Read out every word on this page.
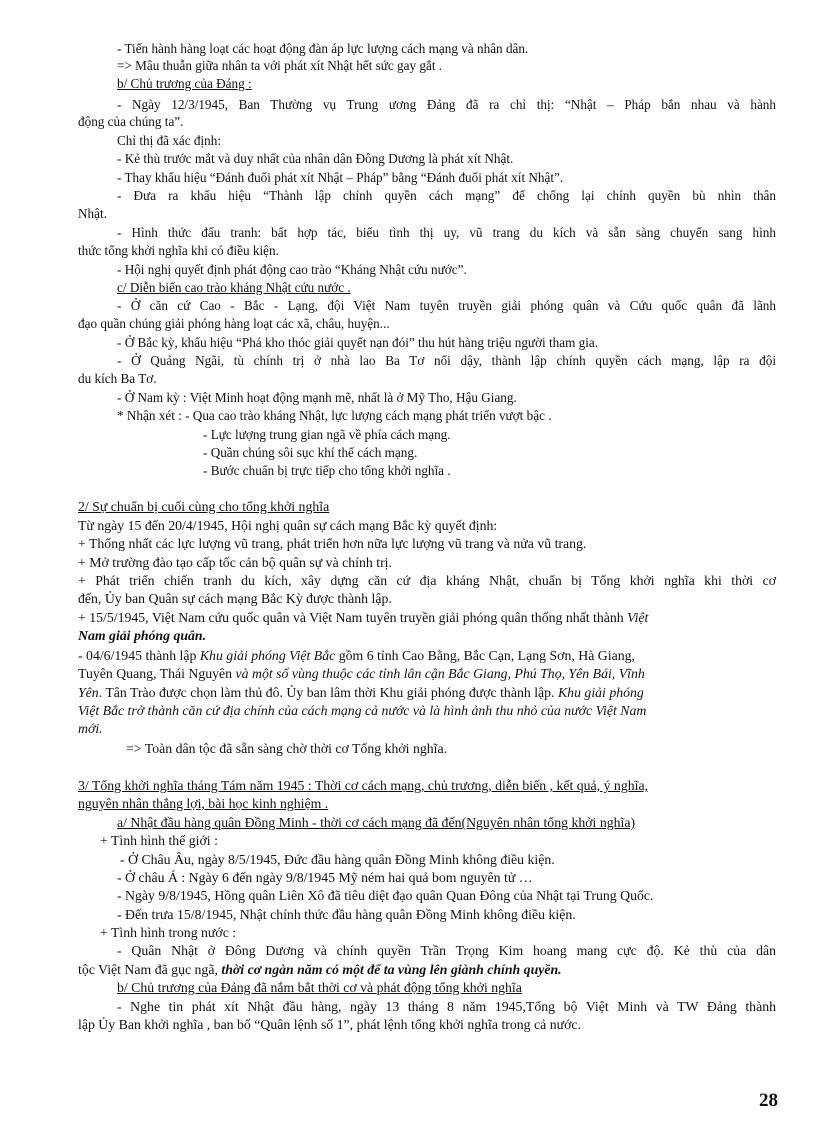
- Tiến hành hàng loạt các hoạt động đàn áp lực lượng cách mạng và nhân dân.
=> Mâu thuẫn giữa nhân ta với phát xít Nhật hết sức gay gắt .
b/ Chủ trương của Đảng :
- Ngày 12/3/1945, Ban Thường vụ Trung ương Đảng đã ra chỉ thị: “Nhật – Pháp bắn nhau và hành
động của chúng ta”.
Chỉ thị đã xác định:
- Kẻ thù trước mắt và duy nhất của nhân dân Đông Dương là phát xít Nhật.
- Thay khẩu hiệu “Đánh đuổi phát xít Nhật – Pháp” bằng “Đánh đuổi phát xít Nhật”.
- Đưa ra khẩu hiệu “Thành lập chính quyền cách mạng” để chống lại chính quyền bù nhìn thân
Nhật.
- Hình thức đấu tranh: bất hợp tác, biểu tình thị uy, vũ trang du kích và sẵn sàng chuyển sang hình
thức tổng khởi nghĩa khi có điều kiện.
- Hội nghị quyết định phát động cao trào “Kháng Nhật cứu nước”.
c/ Diễn biến cao trào kháng Nhật cứu nước .
- Ở căn cứ Cao - Bắc - Lạng, đội Việt Nam tuyên truyền giải phóng quân và Cứu quốc quân đã lãnh
đạo quần chúng giải phóng hàng loạt các xã, châu, huyện...
- Ở Bắc kỳ, khẩu hiệu “Phá kho thóc giải quyết nạn đói” thu hút hàng triệu người tham gia.
- Ở Quảng Ngãi, tù chính trị ở nhà lao Ba Tơ nổi dậy, thành lập chính quyền cách mạng, lập ra đội
du kích Ba Tơ.
- Ở Nam kỳ : Việt Minh hoạt động mạnh mẽ, nhất là ở Mỹ Tho, Hậu Giang.
* Nhận xét : - Qua cao trào kháng Nhật, lực lượng cách mạng phát triển vượt bậc .
- Lực lượng trung gian ngã về phía cách mạng.
- Quần chúng sôi sục khí thế cách mạng.
- Bước chuẩn bị trực tiếp cho tổng khởi nghĩa .
2/ Sự chuẩn bị cuối cùng cho tổng khởi nghĩa
Từ ngày 15 đến 20/4/1945, Hội nghị quân sự cách mạng Bắc kỳ quyết định:
+ Thống nhất các lực lượng vũ trang, phát triển hơn nữa lực lượng vũ trang và nửa vũ trang.
+ Mở trường đào tạo cấp tốc cán bộ quân sự và chính trị.
+ Phát triển chiến tranh du kích, xây dựng căn cứ địa kháng Nhật, chuẩn bị Tổng khởi nghĩa khi thời cơ
đến, Ủy ban Quân sự cách mạng Bắc Kỳ được thành lập.
+ 15/5/1945, Việt Nam cứu quốc quân và Việt Nam tuyên truyền giải phóng quân thống nhất thành Việt
Nam giải phóng quân.
- 04/6/1945 thành lập Khu giải phóng Việt Bắc gồm 6 tỉnh Cao Bằng, Bắc Cạn, Lạng Sơn, Hà Giang,
Tuyên Quang, Thái Nguyên và một số vùng thuộc các tỉnh lân cận Bắc Giang, Phú Thọ, Yên Bái, Vĩnh
Yên. Tân Trào được chọn làm thủ đô. Ủy ban lâm thời Khu giải phóng được thành lập. Khu giải phóng
Việt Bắc trở thành căn cứ địa chính của cách mạng cả nước và là hình ảnh thu nhỏ của nước Việt Nam
mới.
=> Toàn dân tộc đã sẵn sàng chờ thời cơ Tổng khởi nghĩa.
3/ Tổng khởi nghĩa tháng Tám năm 1945 : Thời cơ cách mạng, chủ trương, diễn biến , kết quả, ý nghĩa,
nguyên nhân thắng lợi, bài học kinh nghiệm .
a/ Nhật đầu hàng quân Đồng Minh - thời cơ cách mạng đã đến(Nguyên nhân tổng khởi nghĩa)
+ Tình hình thế giới :
- Ở Châu Âu, ngày 8/5/1945, Đức đầu hàng quân Đồng Minh không điều kiện.
- Ở châu Á : Ngày 6 đến ngày 9/8/1945 Mỹ ném hai quả bom nguyên tử …
- Ngày 9/8/1945, Hồng quân Liên Xô đã tiêu diệt đạo quân Quan Đông của Nhật tại Trung Quốc.
- Đến trưa 15/8/1945, Nhật chính thức đầu hàng quân Đồng Minh không điều kiện.
+ Tình hình trong nước :
- Quân Nhật ở Đông Dương và chính quyền Trần Trọng Kim hoang mang cực độ. Kẻ thù của dân
tộc Việt Nam đã gục ngã, thời cơ ngàn năm có một để ta vùng lên giành chính quyền.
b/ Chủ trương của Đảng đã nắm bắt thời cơ và phát động tổng khởi nghĩa
- Nghe tin phát xít Nhật đầu hàng, ngày 13 tháng 8 năm 1945,Tổng bộ Việt Minh và TW Đảng thành
lập Ủy Ban khởi nghĩa , ban bố “Quân lệnh số 1”, phát lệnh tổng khởi nghĩa trong cả nước.
28
